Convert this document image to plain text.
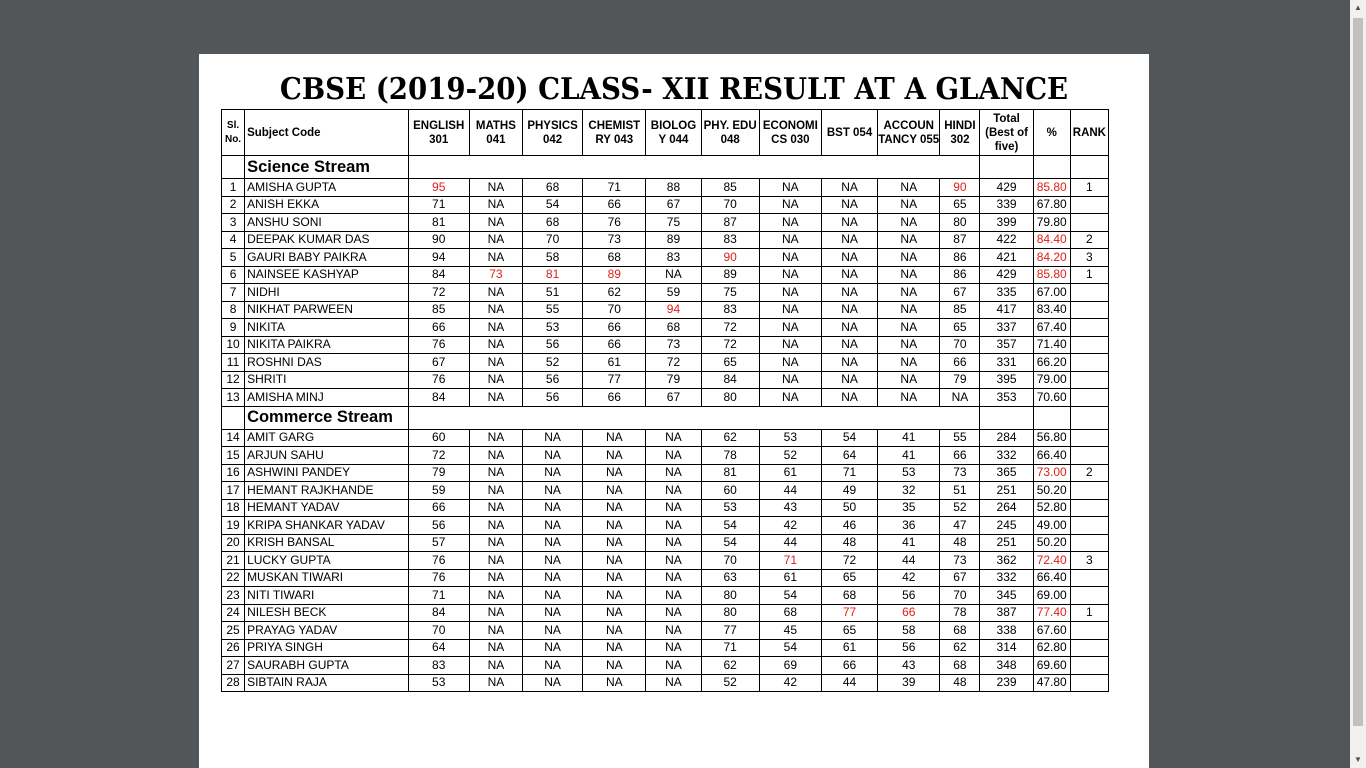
CBSE (2019-20) CLASS- XII RESULT AT A GLANCE
Sl. No.	Subject Code	ENGLISH 301	MATHS 041	PHYSICS 042	CHEMIST RY 043	BIOLOG Y 044	PHY. EDU 048	ECONOMI CS 030	BST 054	ACCOUN TANCY 055	HINDI 302	Total (Best of five)	%	RANK
	Science Stream													
1	AMISHA GUPTA	95	NA	68	71	88	85	NA	NA	NA	90	429	85.80	1
2	ANISH EKKA	71	NA	54	66	67	70	NA	NA	NA	65	339	67.80	
3	ANSHU SONI	81	NA	68	76	75	87	NA	NA	NA	80	399	79.80	
4	DEEPAK KUMAR DAS	90	NA	70	73	89	83	NA	NA	NA	87	422	84.40	2
5	GAURI BABY PAIKRA	94	NA	58	68	83	90	NA	NA	NA	86	421	84.20	3
6	NAINSEE KASHYAP	84	73	81	89	NA	89	NA	NA	NA	86	429	85.80	1
7	NIDHI	72	NA	51	62	59	75	NA	NA	NA	67	335	67.00	
8	NIKHAT PARWEEN	85	NA	55	70	94	83	NA	NA	NA	85	417	83.40	
9	NIKITA	66	NA	53	66	68	72	NA	NA	NA	65	337	67.40	
10	NIKITA PAIKRA	76	NA	56	66	73	72	NA	NA	NA	70	357	71.40	
11	ROSHNI DAS	67	NA	52	61	72	65	NA	NA	NA	66	331	66.20	
12	SHRITI	76	NA	56	77	79	84	NA	NA	NA	79	395	79.00	
13	AMISHA MINJ	84	NA	56	66	67	80	NA	NA	NA	NA	353	70.60	
	Commerce Stream													
14	AMIT GARG	60	NA	NA	NA	NA	62	53	54	41	55	284	56.80	
15	ARJUN SAHU	72	NA	NA	NA	NA	78	52	64	41	66	332	66.40	
16	ASHWINI PANDEY	79	NA	NA	NA	NA	81	61	71	53	73	365	73.00	2
17	HEMANT RAJKHANDE	59	NA	NA	NA	NA	60	44	49	32	51	251	50.20	
18	HEMANT YADAV	66	NA	NA	NA	NA	53	43	50	35	52	264	52.80	
19	KRIPA SHANKAR YADAV	56	NA	NA	NA	NA	54	42	46	36	47	245	49.00	
20	KRISH BANSAL	57	NA	NA	NA	NA	54	44	48	41	48	251	50.20	
21	LUCKY GUPTA	76	NA	NA	NA	NA	70	71	72	44	73	362	72.40	3
22	MUSKAN TIWARI	76	NA	NA	NA	NA	63	61	65	42	67	332	66.40	
23	NITI TIWARI	71	NA	NA	NA	NA	80	54	68	56	70	345	69.00	
24	NILESH BECK	84	NA	NA	NA	NA	80	68	77	66	78	387	77.40	1
25	PRAYAG YADAV	70	NA	NA	NA	NA	77	45	65	58	68	338	67.60	
26	PRIYA SINGH	64	NA	NA	NA	NA	71	54	61	56	62	314	62.80	
27	SAURABH GUPTA	83	NA	NA	NA	NA	62	69	66	43	68	348	69.60	
28	SIBTAIN RAJA	53	NA	NA	NA	NA	52	42	44	39	48	239	47.80	
▲
▼
